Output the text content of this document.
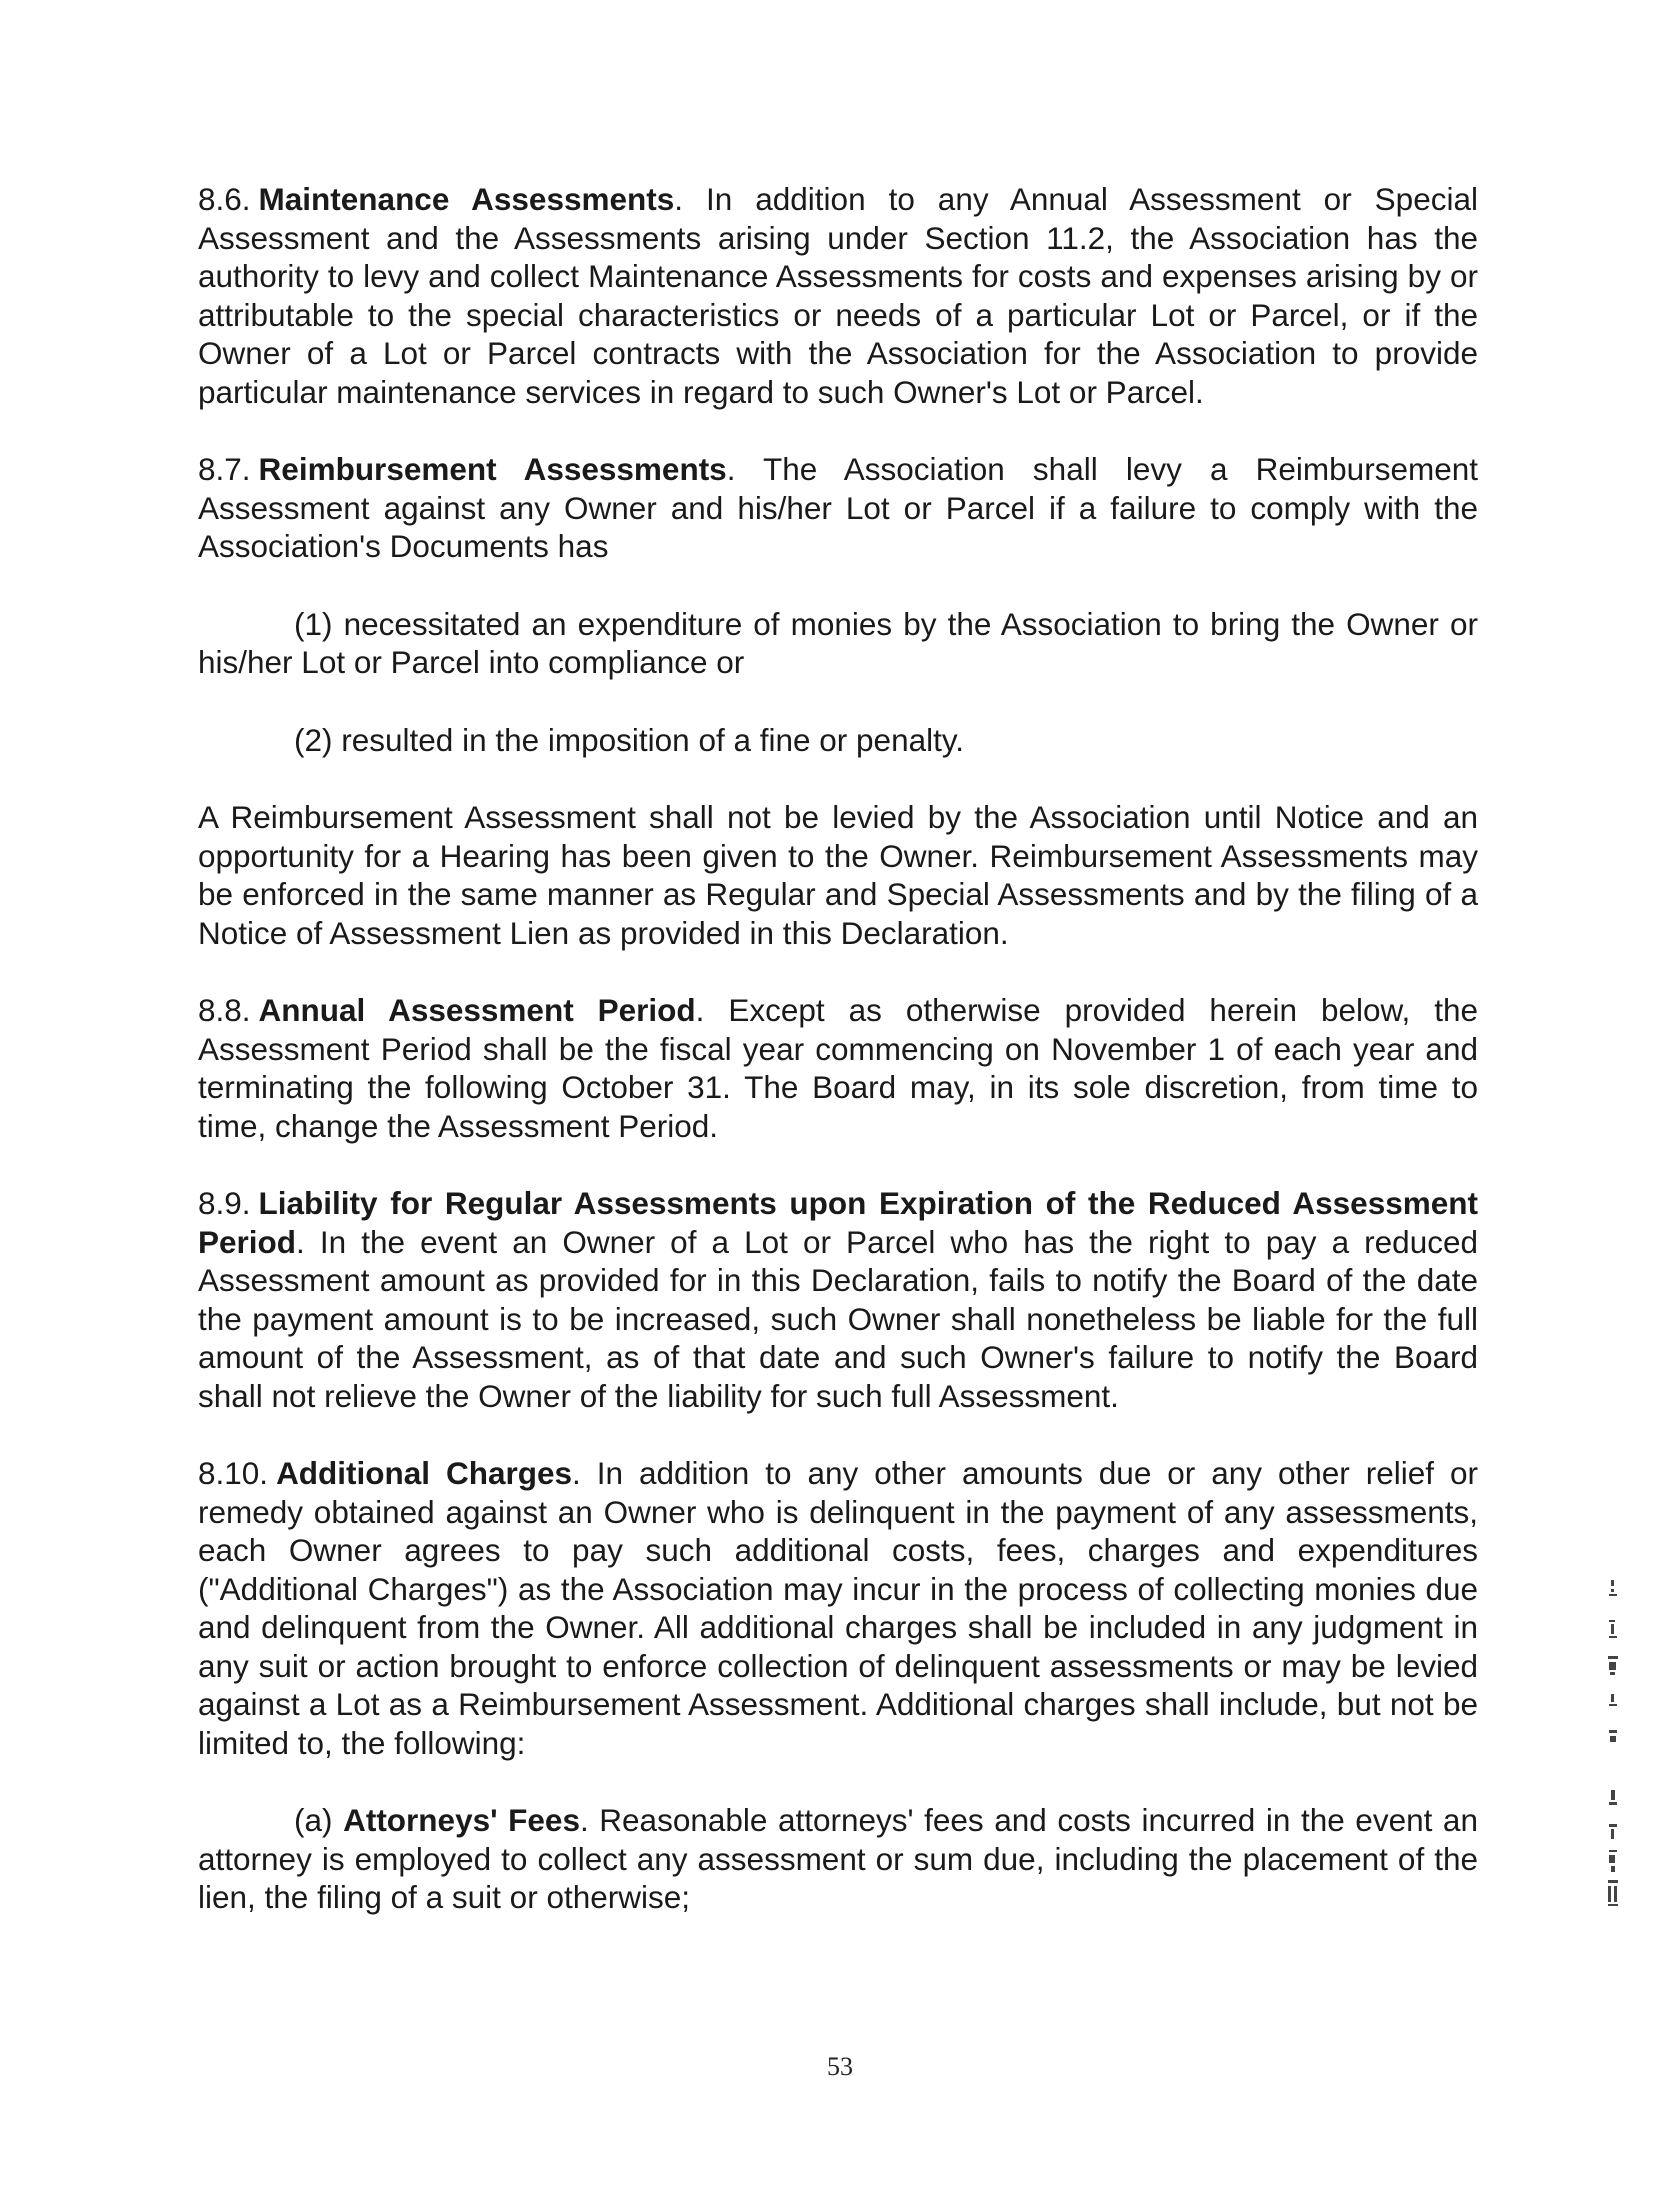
8.6. Maintenance Assessments. In addition to any Annual Assessment or Special Assessment and the Assessments arising under Section 11.2, the Association has the authority to levy and collect Maintenance Assessments for costs and expenses arising by or attributable to the special characteristics or needs of a particular Lot or Parcel, or if the Owner of a Lot or Parcel contracts with the Association for the Association to provide particular maintenance services in regard to such Owner's Lot or Parcel.

8.7. Reimbursement Assessments. The Association shall levy a Reimbursement Assessment against any Owner and his/her Lot or Parcel if a failure to comply with the Association's Documents has

(1) necessitated an expenditure of monies by the Association to bring the Owner or his/her Lot or Parcel into compliance or

(2) resulted in the imposition of a fine or penalty.

A Reimbursement Assessment shall not be levied by the Association until Notice and an opportunity for a Hearing has been given to the Owner. Reimbursement Assessments may be enforced in the same manner as Regular and Special Assessments and by the filing of a Notice of Assessment Lien as provided in this Declaration.

8.8. Annual Assessment Period. Except as otherwise provided herein below, the Assessment Period shall be the fiscal year commencing on November 1 of each year and terminating the following October 31. The Board may, in its sole discretion, from time to time, change the Assessment Period.

8.9. Liability for Regular Assessments upon Expiration of the Reduced Assessment Period. In the event an Owner of a Lot or Parcel who has the right to pay a reduced Assessment amount as provided for in this Declaration, fails to notify the Board of the date the payment amount is to be increased, such Owner shall nonetheless be liable for the full amount of the Assessment, as of that date and such Owner's failure to notify the Board shall not relieve the Owner of the liability for such full Assessment.

8.10. Additional Charges. In addition to any other amounts due or any other relief or remedy obtained against an Owner who is delinquent in the payment of any assessments, each Owner agrees to pay such additional costs, fees, charges and expenditures ("Additional Charges") as the Association may incur in the process of collecting monies due and delinquent from the Owner. All additional charges shall be included in any judgment in any suit or action brought to enforce collection of delinquent assessments or may be levied against a Lot as a Reimbursement Assessment. Additional charges shall include, but not be limited to, the following:

(a) Attorneys' Fees. Reasonable attorneys' fees and costs incurred in the event an attorney is employed to collect any assessment or sum due, including the placement of the lien, the filing of a suit or otherwise;

53
